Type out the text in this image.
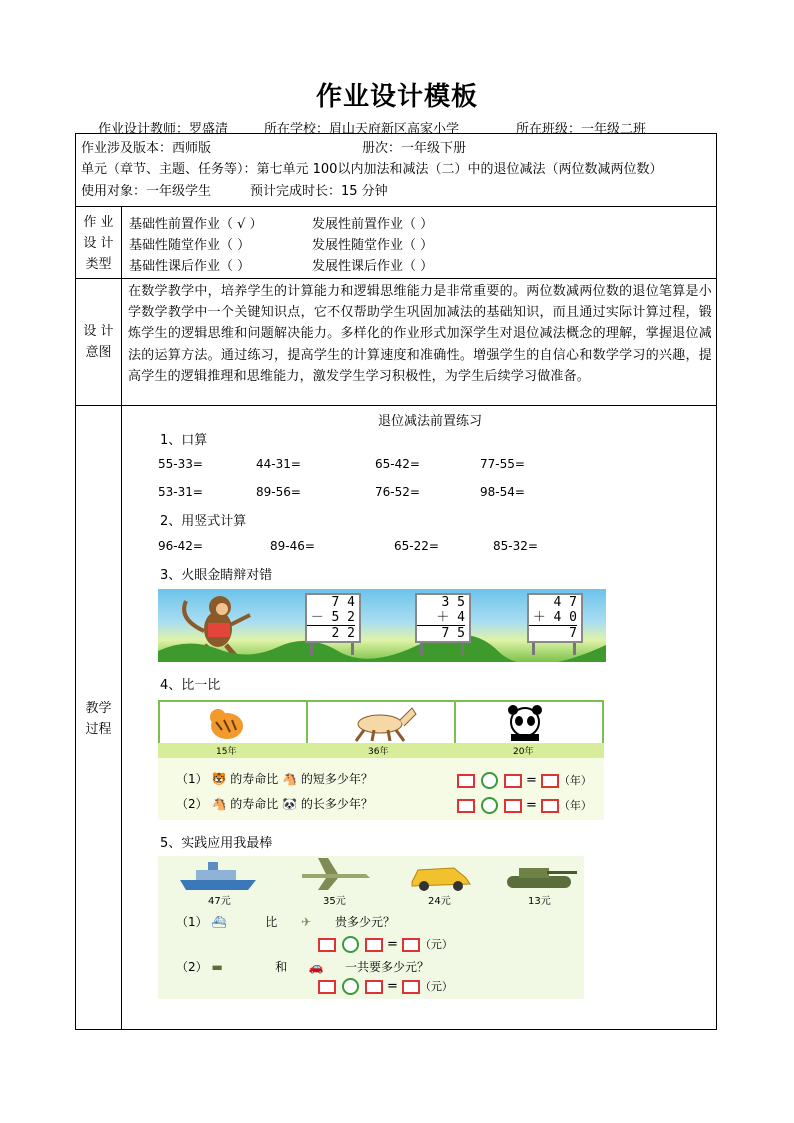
作业设计模板
作业设计教师：罗盛清	所在学校：眉山天府新区高家小学	所在班级：一年级二班
作业涉及版本：西师版	册次：一年级下册
单元（章节、主题、任务等）：第七单元 100以内加法和减法（二）中的退位减法（两位数减两位数）
使用对象：一年级学生	预计完成时长：15 分钟
作 业
设 计
类型
基础性前置作业（ √ ）	发展性前置作业（ ）
基础性随堂作业（ ）	发展性随堂作业（ ）
基础性课后作业（ ）	发展性课后作业（ ）
设 计
意图
在数学教学中，培养学生的计算能力和逻辑思维能力是非常重要的。两位数减两位数的退位笔算是小学数学教学中一个关键知识点，它不仅帮助学生巩固加减法的基础知识，而且通过实际计算过程，锻炼学生的逻辑思维和问题解决能力。多样化的作业形式加深学生对退位减法概念的理解，掌握退位减法的运算方法。通过练习，提高学生的计算速度和准确性。增强学生的自信心和数学学习的兴趣，提高学生的逻辑推理和思维能力，激发学生学习积极性，为学生后续学习做准备。
教学
过程
退位减法前置练习
1、口算
55-33=	44-31=	65-42=	77-55=
53-31=	89-56=	76-52=	98-54=
2、用竖式计算
96-42=	89-46=	65-22=	85-32=
3、火眼金睛辩对错
7 4
－ 5 2
2 2
3 5
＋ 4
7 5
4 7
＋ 4 0
7
4、比一比
15年	36年	20年
（1） 🐯 的寿命比 🐴 的短多少年？	= （年）
（2） 🐴 的寿命比 🐼 的长多少年？	= （年）
5、实践应用我最棒
47元	35元	24元	13元
（1） ⛴	比 ✈ 贵多少元？
= （元）
（2） ▬	和 🚗 一共要多少元？
= （元）
